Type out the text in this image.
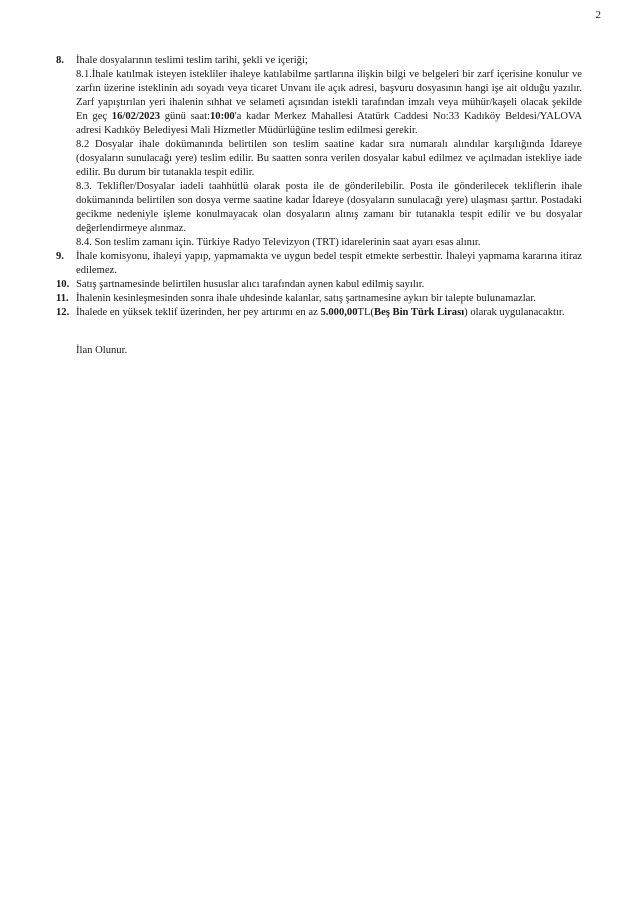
2
8. İhale dosyalarının teslimi teslim tarihi, şekli ve içeriği;

8.1.İhale katılmak isteyen istekliler ihaleye katılabilme şartlarına ilişkin bilgi ve belgeleri bir zarf içerisine konulur ve zarfın üzerine isteklinin adı soyadı veya ticaret Unvanı ile açık adresi, başvuru dosyasının hangi işe ait olduğu yazılır. Zarf yapıştırılan yeri ihalenin sıhhat ve selameti açısından istekli tarafından imzalı veya mühür/kaşeli olacak şekilde En geç 16/02/2023 günü saat:10:00'a kadar Merkez Mahallesi Atatürk Caddesi No:33 Kadıköy Beldesi/YALOVA adresi Kadıköy Belediyesi Mali Hizmetler Müdürlüğüne teslim edilmesi gerekir.

8.2 Dosyalar ihale dokümanında belirtilen son teslim saatine kadar sıra numaralı alındılar karşılığında İdareye (dosyaların sunulacağı yere) teslim edilir. Bu saatten sonra verilen dosyalar kabul edilmez ve açılmadan istekliye iade edilir. Bu durum bir tutanakla tespit edilir.

8.3. Teklifler/Dosyalar iadeli taahhütlü olarak posta ile de gönderilebilir. Posta ile gönderilecek tekliflerin ihale dokümanında belirtilen son dosya verme saatine kadar İdareye (dosyaların sunulacağı yere) ulaşması şarttır. Postadaki gecikme nedeniyle işleme konulmayacak olan dosyaların alınış zamanı bir tutanakla tespit edilir ve bu dosyalar değerlendirmeye alınmaz.

8.4. Son teslim zamanı için. Türkiye Radyo Televizyon (TRT) idarelerinin saat ayarı esas alınır.

9. İhale komisyonu, ihaleyi yapıp, yapmamakta ve uygun bedel tespit etmekte serbesttir. İhaleyi yapmama kararına itiraz edilemez.
10. Satış şartnamesinde belirtilen hususlar alıcı tarafından aynen kabul edilmiş sayılır.
11. İhalenin kesinleşmesinden sonra ihale uhdesinde kalanlar, satış şartnamesine aykırı bir talepte bulunamazlar.
12. İhalede en yüksek teklif üzerinden, her pey artırımı en az 5.000,00TL(Beş Bin Türk Lirası) olarak uygulanacaktır.
İlan Olunur.
